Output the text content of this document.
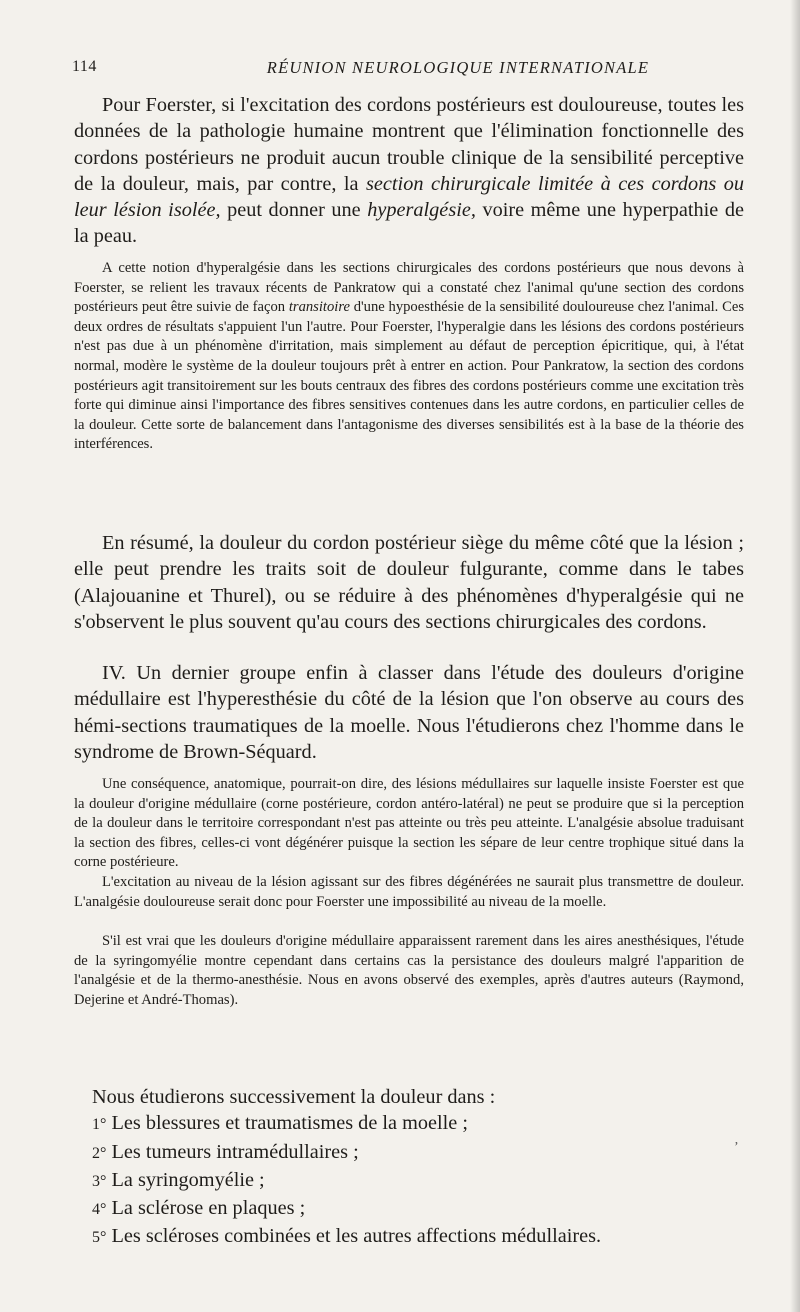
114	RÉUNION NEUROLOGIQUE INTERNATIONALE

Pour Foerster, si l'excitation des cordons postérieurs est douloureuse, toutes les données de la pathologie humaine montrent que l'élimination fonctionnelle des cordons postérieurs ne produit aucun trouble clinique de la sensibilité perceptive de la douleur, mais, par contre, la section chirurgicale limitée à ces cordons ou leur lésion isolée, peut donner une hyperalgésie, voire même une hyperpathie de la peau.

A cette notion d'hyperalgésie dans les sections chirurgicales des cordons postérieurs que nous devons à Foerster, se relient les travaux récents de Pankratow qui a constaté chez l'animal qu'une section des cordons postérieurs peut être suivie de façon transitoire d'une hypoesthésie de la sensibilité douloureuse chez l'animal. Ces deux ordres de résultats s'appuient l'un l'autre. Pour Foerster, l'hyperalgie dans les lésions des cordons postérieurs n'est pas due à un phénomène d'irritation, mais simplement au défaut de perception épicritique, qui, à l'état normal, modère le système de la douleur toujours prêt à entrer en action. Pour Pankratow, la section des cordons postérieurs agit transitoirement sur les bouts centraux des fibres des cordons postérieurs comme une excitation très forte qui diminue ainsi l'importance des fibres sensitives contenues dans les autre cordons, en particulier celles de la douleur. Cette sorte de balancement dans l'antagonisme des diverses sensibilités est à la base de la théorie des interférences.

En résumé, la douleur du cordon postérieur siège du même côté que la lésion ; elle peut prendre les traits soit de douleur fulgurante, comme dans le tabes (Alajouanine et Thurel), ou se réduire à des phénomènes d'hyperalgésie qui ne s'observent le plus souvent qu'au cours des sections chirurgicales des cordons.

IV. Un dernier groupe enfin à classer dans l'étude des douleurs d'origine médullaire est l'hyperesthésie du côté de la lésion que l'on observe au cours des hémi-sections traumatiques de la moelle. Nous l'étudierons chez l'homme dans le syndrome de Brown-Séquard.

Une conséquence, anatomique, pourrait-on dire, des lésions médullaires sur laquelle insiste Foerster est que la douleur d'origine médullaire (corne postérieure, cordon antéro-latéral) ne peut se produire que si la perception de la douleur dans le territoire correspondant n'est pas atteinte ou très peu atteinte. L'analgésie absolue traduisant la section des fibres, celles-ci vont dégénérer puisque la section les sépare de leur centre trophique situé dans la corne postérieure.

L'excitation au niveau de la lésion agissant sur des fibres dégénérées ne saurait plus transmettre de douleur. L'analgésie douloureuse serait donc pour Foerster une impossibilité au niveau de la moelle.

S'il est vrai que les douleurs d'origine médullaire apparaissent rarement dans les aires anesthésiques, l'étude de la syringomyélie montre cependant dans certains cas la persistance des douleurs malgré l'apparition de l'analgésie et de la thermo-anesthésie. Nous en avons observé des exemples, après d'autres auteurs (Raymond, Dejerine et André-Thomas).

Nous étudierons successivement la douleur dans :
1° Les blessures et traumatismes de la moelle ;
2° Les tumeurs intramédullaires ;
3° La syringomyélie ;
4° La sclérose en plaques ;
5° Les scléroses combinées et les autres affections médullaires.
ʼ
